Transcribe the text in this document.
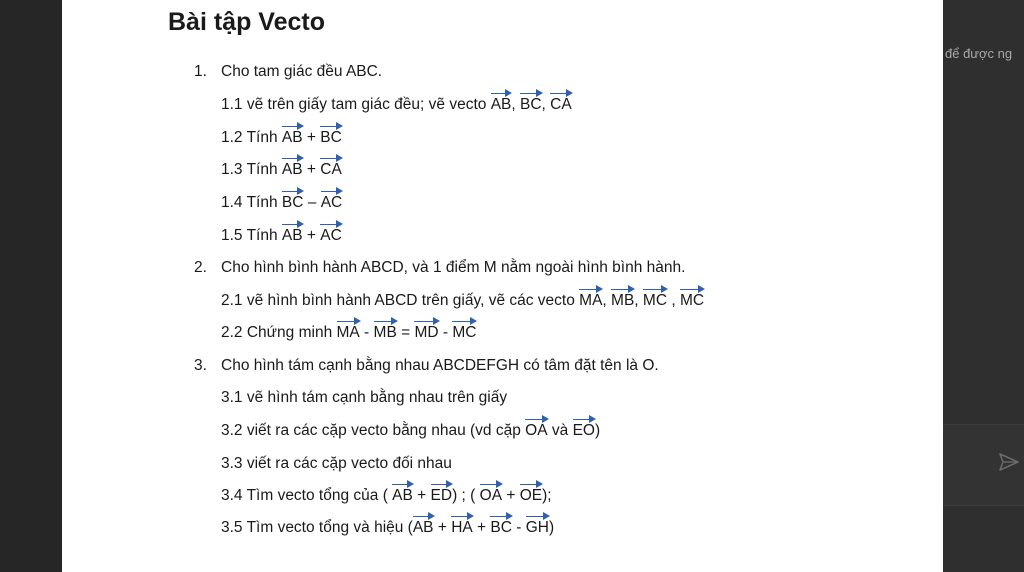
Bài tập Vecto
1. Cho tam giác đều ABC.
1.1 vẽ trên giấy tam giác đều; vẽ vecto AB, BC, CA
1.2 Tính AB + BC
1.3 Tính AB + CA
1.4 Tính BC – AC
1.5 Tính AB + AC
2. Cho hình bình hành ABCD, và 1 điểm M nằm ngoài hình bình hành.
2.1 vẽ hình bình hành ABCD trên giấy, vẽ các vecto MA, MB, MC , MC
2.2 Chứng minh MA - MB = MD - MC
3. Cho hình tám cạnh bằng nhau ABCDEFGH có tâm đặt tên là O.
3.1 vẽ hình tám cạnh bằng nhau trên giấy
3.2 viết ra các cặp vecto bằng nhau (vd cặp OA và EO)
3.3 viết ra các cặp vecto đối nhau
3.4 Tìm vecto tổng của ( AB + ED) ; ( OA + OE);
3.5 Tìm vecto tổng và hiệu (AB + HA + BC - GH)
để được ng
